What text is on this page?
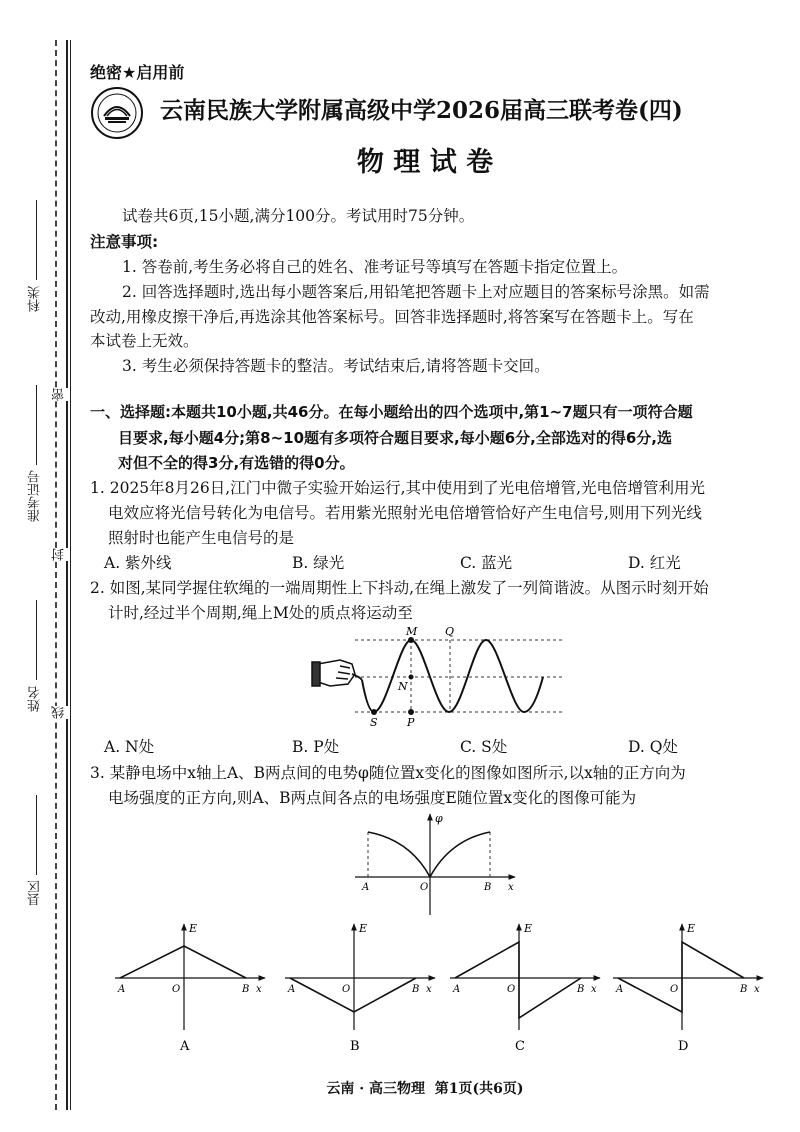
科类
准考证号
姓名
县区
密
封
线
绝密★启用前
云南民族大学附属高级中学2026届高三联考卷(四)
物 理 试 卷
试卷共6页,15小题,满分100分。考试用时75分钟。
注意事项:
1. 答卷前,考生务必将自己的姓名、准考证号等填写在答题卡指定位置上。
2. 回答选择题时,选出每小题答案后,用铅笔把答题卡上对应题目的答案标号涂黑。如需
改动,用橡皮擦干净后,再选涂其他答案标号。回答非选择题时,将答案写在答题卡上。写在
本试卷上无效。
3. 考生必须保持答题卡的整洁。考试结束后,请将答题卡交回。
一、选择题:本题共10小题,共46分。在每小题给出的四个选项中,第1~7题只有一项符合题
目要求,每小题4分;第8~10题有多项符合题目要求,每小题6分,全部选对的得6分,选
对但不全的得3分,有选错的得0分。
1. 2025年8月26日,江门中微子实验开始运行,其中使用到了光电倍增管,光电倍增管利用光
电效应将光信号转化为电信号。若用紫光照射光电倍增管恰好产生电信号,则用下列光线
照射时也能产生电信号的是
A. 紫外线	B. 绿光	C. 蓝光	D. 红光
2. 如图,某同学握住软绳的一端周期性上下抖动,在绳上激发了一列简谐波。从图示时刻开始
计时,经过半个周期,绳上M处的质点将运动至
M	Q
N
S	P
A. N处	B. P处	C. S处	D. Q处
3. 某静电场中x轴上A、B两点间的电势φ随位置x变化的图像如图所示,以x轴的正方向为
电场强度的正方向,则A、B两点间各点的电场强度E随位置x变化的图像可能为
φ
x
A	O	B
E
x
A	O	B
A
E
x
A	O	B
B
E
x
A	O	B
C
E
x
A	O	B
D
云南 · 高三物理  第1页(共6页)
